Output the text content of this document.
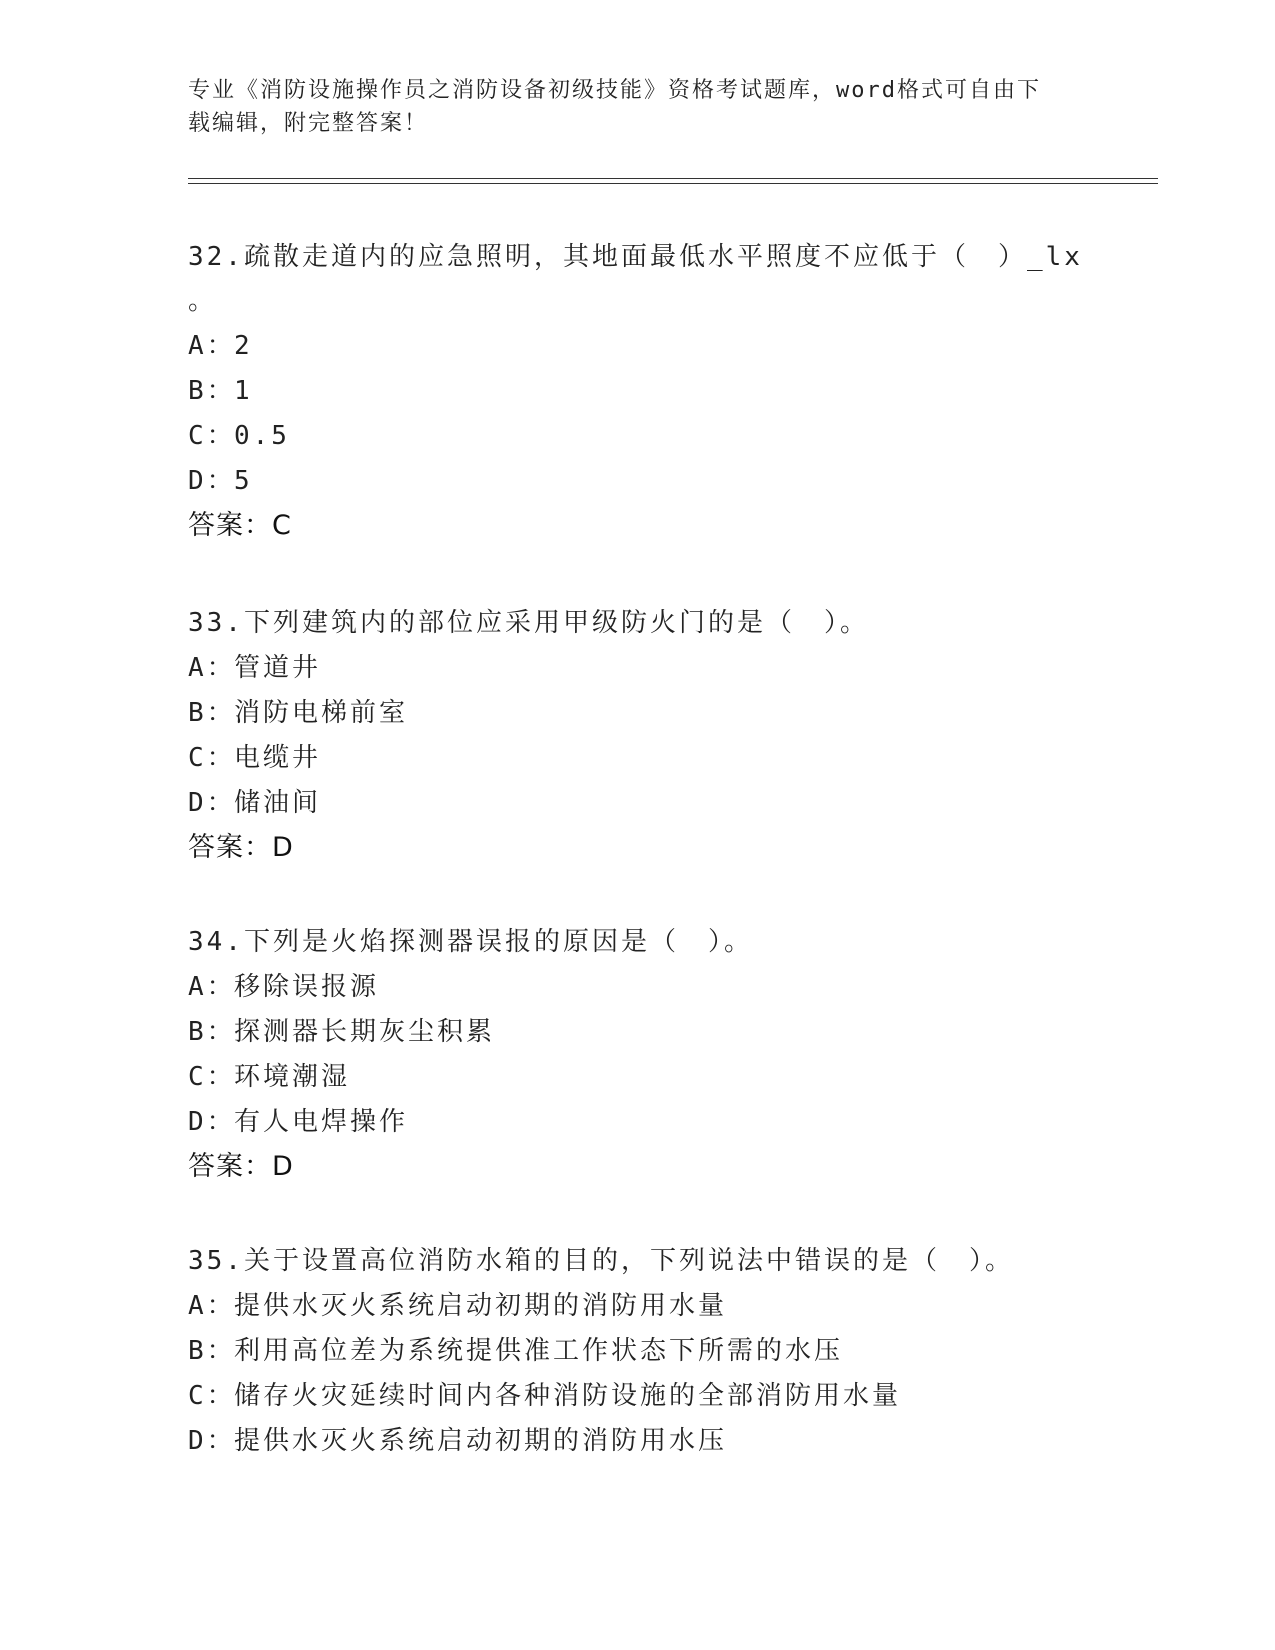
专业《消防设施操作员之消防设备初级技能》资格考试题库，word格式可自由下
载编辑，附完整答案！

32.疏散走道内的应急照明，其地面最低水平照度不应低于（　）_lx

。

A：2

B：1

C：0.5

D：5

答案：C

33.下列建筑内的部位应采用甲级防火门的是（　）。

A：管道井

B：消防电梯前室

C：电缆井

D：储油间

答案：D

34.下列是火焰探测器误报的原因是（　）。

A：移除误报源

B：探测器长期灰尘积累

C：环境潮湿

D：有人电焊操作

答案：D

35.关于设置高位消防水箱的目的，下列说法中错误的是（　）。

A：提供水灭火系统启动初期的消防用水量

B：利用高位差为系统提供准工作状态下所需的水压

C：储存火灾延续时间内各种消防设施的全部消防用水量

D：提供水灭火系统启动初期的消防用水压
